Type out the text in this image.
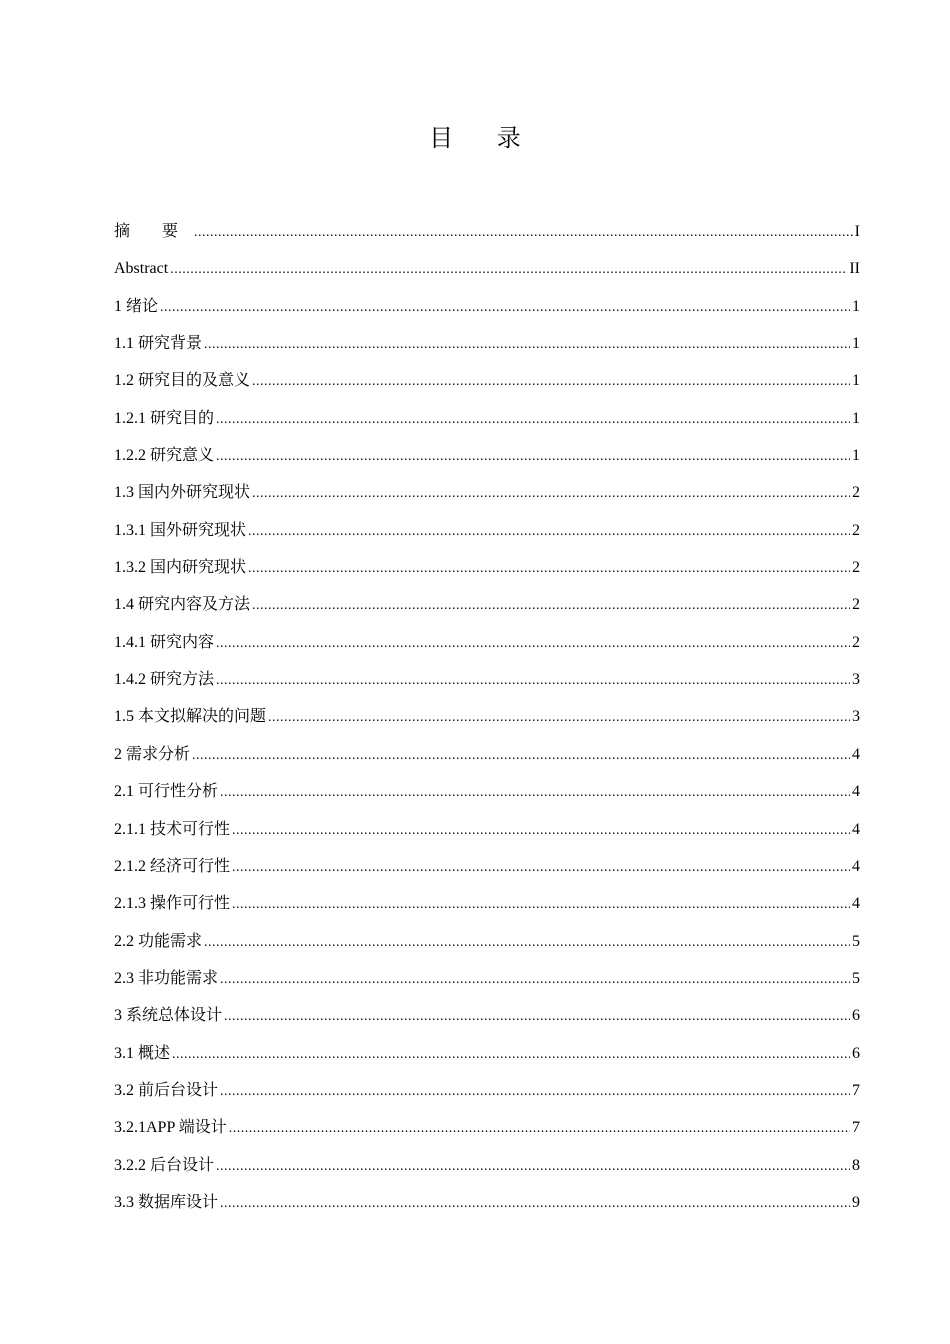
目 录
摘 要 .....	I
Abstract .....	II
1 绪论 .....	1
1.1 研究背景 .....	1
1.2 研究目的及意义 .....	1
1.2.1 研究目的 .....	1
1.2.2 研究意义 .....	1
1.3 国内外研究现状 .....	2
1.3.1 国外研究现状 .....	2
1.3.2 国内研究现状 .....	2
1.4 研究内容及方法 .....	2
1.4.1 研究内容 .....	2
1.4.2 研究方法 .....	3
1.5 本文拟解决的问题 .....	3
2 需求分析 .....	4
2.1 可行性分析 .....	4
2.1.1 技术可行性 .....	4
2.1.2 经济可行性 .....	4
2.1.3 操作可行性 .....	4
2.2 功能需求 .....	5
2.3 非功能需求 .....	5
3 系统总体设计 .....	6
3.1 概述 .....	6
3.2 前后台设计 .....	7
3.2.1APP 端设计 .....	7
3.2.2 后台设计 .....	8
3.3 数据库设计 .....	9
